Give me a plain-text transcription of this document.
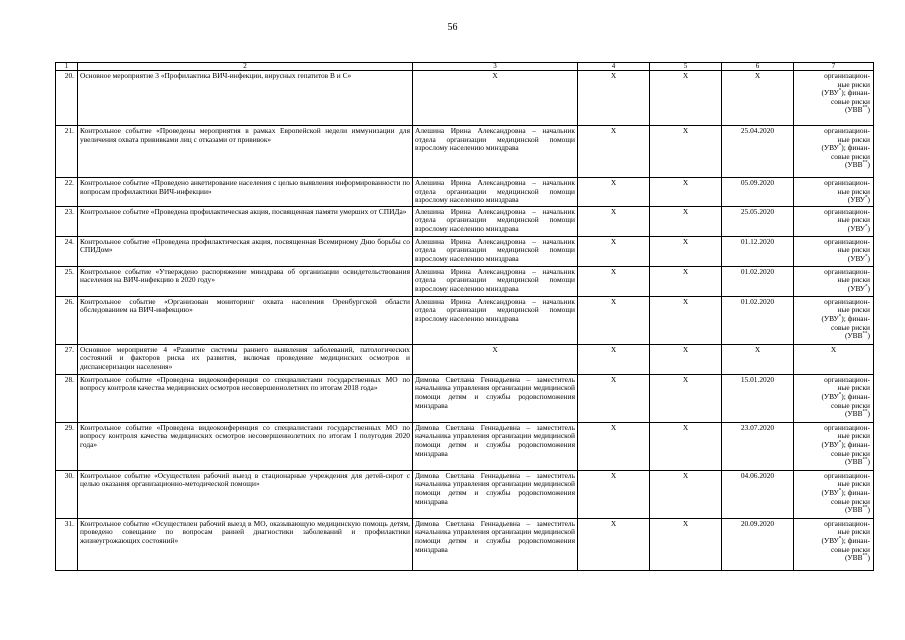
56
1	2	3	4	5	6	7
20.	Основное мероприятие 3 «Профилактика ВИЧ-инфекции, вирусных гепатитов В и С»	Х	Х	Х	Х	организацион-
ные риски
(УВУ*); финан-
совые риски
(УВВ**)
21.	Контрольное событие «Проведены мероприятия в рамках Европейской недели иммунизации для увеличения охвата прививками лиц с отказами от прививок»	Алешина Ирина Александровна – начальник отдела организации медицинской помощи взрослому населению минздрава	Х	Х	25.04.2020	организацион-
ные риски
(УВУ*); финан-
совые риски
(УВВ**)
22.	Контрольное событие «Проведено анкетирование населения с целью выявления информированности по вопросам профилактики ВИЧ-инфекции»	Алешина Ирина Александровна – начальник отдела организации медицинской помощи взрослому населению минздрава	Х	Х	05.09.2020	организацион-
ные риски
(УВУ*)
23.	Контрольное событие «Проведена профилактическая акция, посвященная памяти умерших от СПИДа»	Алешина Ирина Александровна – начальник отдела организации медицинской помощи взрослому населению минздрава	Х	Х	25.05.2020	организацион-
ные риски
(УВУ*)
24.	Контрольное событие «Проведена профилактическая акция, посвященная Всемирному Дню борьбы со СПИДом»	Алешина Ирина Александровна – начальник отдела организации медицинской помощи взрослому населению минздрава	Х	Х	01.12.2020	организацион-
ные риски
(УВУ*)
25.	Контрольное событие «Утверждено распоряжение минздрава об организации освидетельствования населения на ВИЧ-инфекцию в 2020 году»	Алешина Ирина Александровна – начальник отдела организации медицинской помощи взрослому населению минздрава	Х	Х	01.02.2020	организацион-
ные риски
(УВУ*)
26.	Контрольное событие «Организован мониторинг охвата населения Оренбургской области обследованием на ВИЧ-инфекцию»	Алешина Ирина Александровна – начальник отдела организации медицинской помощи взрослому населению минздрава	Х	Х	01.02.2020	организацион-
ные риски
(УВУ*); финан-
совые риски
(УВВ**)
27.	Основное мероприятие 4 «Развитие системы раннего выявления заболеваний, патологических состояний и факторов риска их развития, включая проведение медицинских осмотров и диспансеризации населения»	Х	Х	Х	Х	Х
28.	Контрольное событие «Проведена видеоконференция со специалистами государственных МО по вопросу контроля качества медицинских осмотров несовершеннолетних по итогам 2018 года»	Димова Светлана Геннадьевна – заместитель начальника управления организации медицинской помощи детям и службы родовспоможения минздрава	Х	Х	15.01.2020	организацион-
ные риски
(УВУ*); финан-
совые риски
(УВВ**)
29.	Контрольное событие «Проведена видеоконференция со специалистами государственных МО по вопросу контроля качества медицинских осмотров несовершеннолетних по итогам I полугодия 2020 года»	Димова Светлана Геннадьевна – заместитель начальника управления организации медицинской помощи детям и службы родовспоможения минздрава	Х	Х	23.07.2020	организацион-
ные риски
(УВУ*); финан-
совые риски
(УВВ**)
30.	Контрольное событие «Осуществлен рабочий выезд в стационарные учреждения для детей-сирот с целью оказания организационно-методической помощи»	Димова Светлана Геннадьевна – заместитель начальника управления организации медицинской помощи детям и службы родовспоможения минздрава	Х	Х	04.06.2020	организацион-
ные риски
(УВУ*); финан-
совые риски
(УВВ**)
31.	Контрольное событие «Осуществлен рабочий выезд в МО, оказывающую медицинскую помощь детям, проведено совещание по вопросам ранней диагностики заболеваний и профилактики жизнеугрожающих состояний»	Димова Светлана Геннадьевна – заместитель начальника управления организации медицинской помощи детям и службы родовспоможения минздрава	Х	Х	20.09.2020	организацион-
ные риски
(УВУ*); финан-
совые риски
(УВВ**)
